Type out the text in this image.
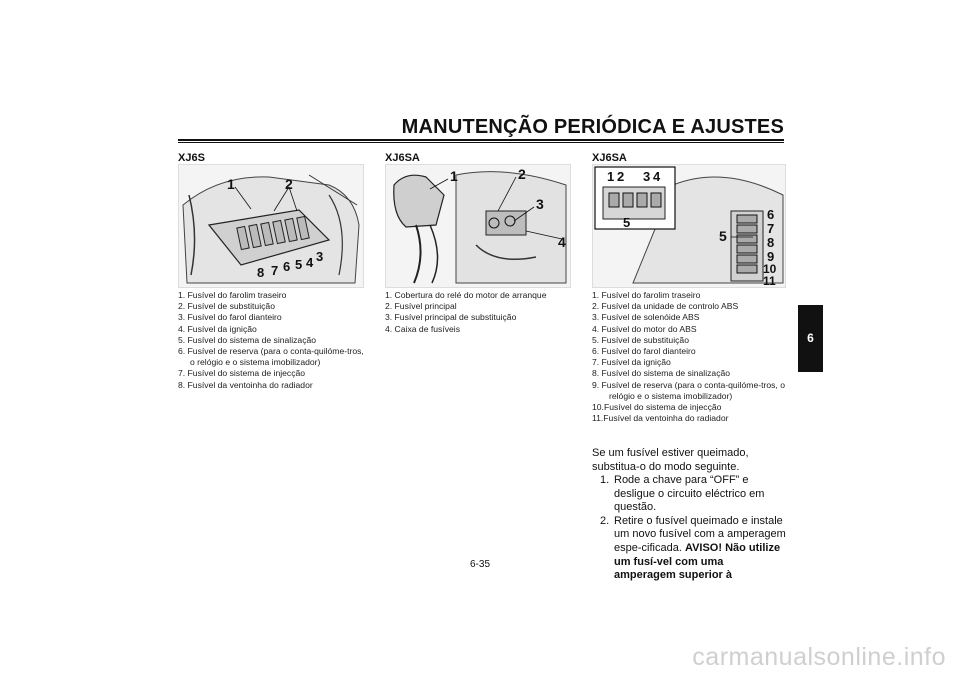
MANUTENÇÃO PERIÓDICA E AJUSTES
XJ6S
1	2
8 7 6 5 4 3
1. Fusível do farolim traseiro
2. Fusível de substituição
3. Fusível do farol dianteiro
4. Fusível da ignição
5. Fusível do sistema de sinalização
6. Fusível de reserva (para o conta-quilóme-tros, o relógio e o sistema imobilizador)
7. Fusível do sistema de injecção
8. Fusível da ventoinha do radiador
XJ6SA
1	2
3
4
1. Cobertura do relé do motor de arranque
2. Fusível principal
3. Fusível principal de substituição
4. Caixa de fusíveis
XJ6SA
1 2 3 4
5
5
6
7
8
9
10
11
1. Fusível do farolim traseiro
2. Fusível da unidade de controlo ABS
3. Fusível de solenóide ABS
4. Fusível do motor do ABS
5. Fusível de substituição
6. Fusível do farol dianteiro
7. Fusível da ignição
8. Fusível do sistema de sinalização
9. Fusível de reserva (para o conta-quilóme-tros, o relógio e o sistema imobilizador)
10.Fusível do sistema de injecção
11.Fusível da ventoinha do radiador

Se um fusível estiver queimado, substitua-o do modo seguinte.

1. Rode a chave para “OFF” e desligue o circuito eléctrico em questão.
2. Retire o fusível queimado e instale um novo fusível com a amperagem espe-cificada. AVISO! Não utilize um fusí-vel com uma amperagem superior à
6-35
6
carmanualsonline.info
